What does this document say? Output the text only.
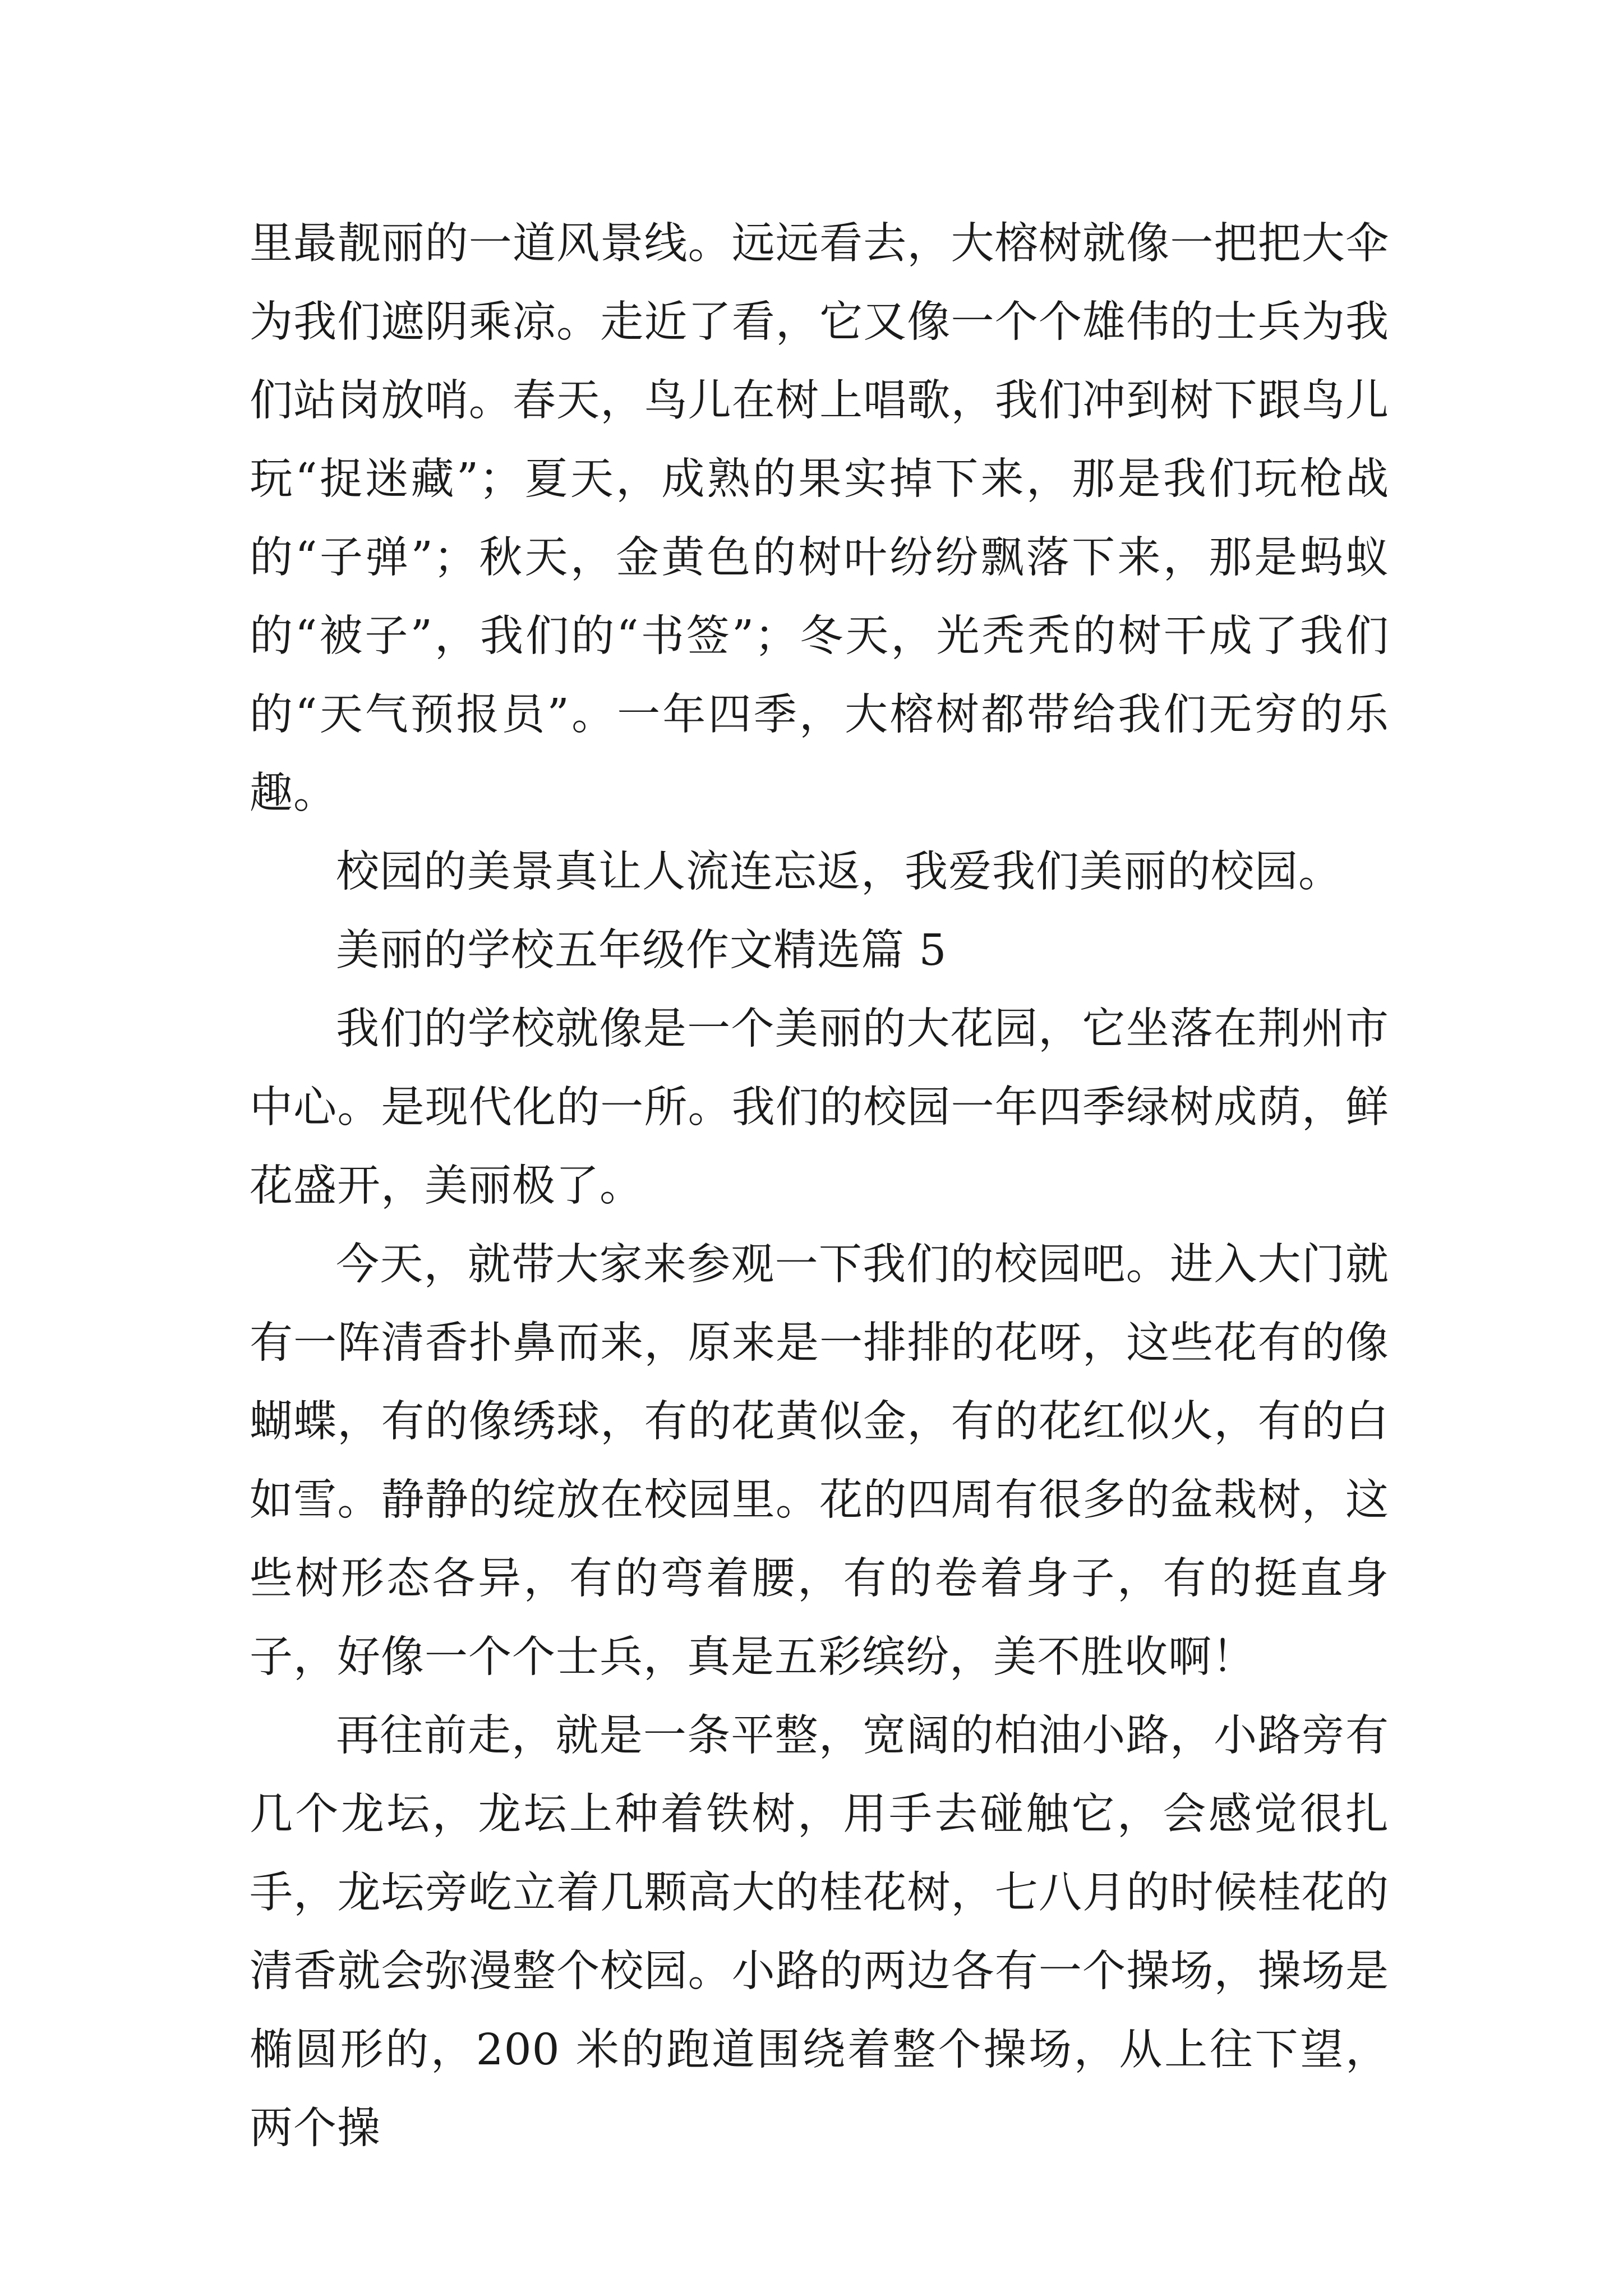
里最靓丽的一道风景线。远远看去，大榕树就像一把把大伞为我们遮阴乘凉。走近了看，它又像一个个雄伟的士兵为我们站岗放哨。春天，鸟儿在树上唱歌，我们冲到树下跟鸟儿玩“捉迷藏”；夏天，成熟的果实掉下来，那是我们玩枪战的“子弹”；秋天，金黄色的树叶纷纷飘落下来，那是蚂蚁的“被子”，我们的“书签”；冬天，光秃秃的树干成了我们的“天气预报员”。一年四季，大榕树都带给我们无穷的乐趣。

校园的美景真让人流连忘返，我爱我们美丽的校园。

美丽的学校五年级作文精选篇 5

我们的学校就像是一个美丽的大花园，它坐落在荆州市中心。是现代化的一所。我们的校园一年四季绿树成荫，鲜花盛开，美丽极了。

今天，就带大家来参观一下我们的校园吧。进入大门就有一阵清香扑鼻而来，原来是一排排的花呀，这些花有的像蝴蝶，有的像绣球，有的花黄似金，有的花红似火，有的白如雪。静静的绽放在校园里。花的四周有很多的盆栽树，这些树形态各异，有的弯着腰，有的卷着身子，有的挺直身子，好像一个个士兵，真是五彩缤纷，美不胜收啊！

再往前走，就是一条平整，宽阔的柏油小路，小路旁有几个龙坛，龙坛上种着铁树，用手去碰触它，会感觉很扎手，龙坛旁屹立着几颗高大的桂花树，七八月的时候桂花的清香就会弥漫整个校园。小路的两边各有一个操场，操场是椭圆形的，200 米的跑道围绕着整个操场，从上往下望，两个操
